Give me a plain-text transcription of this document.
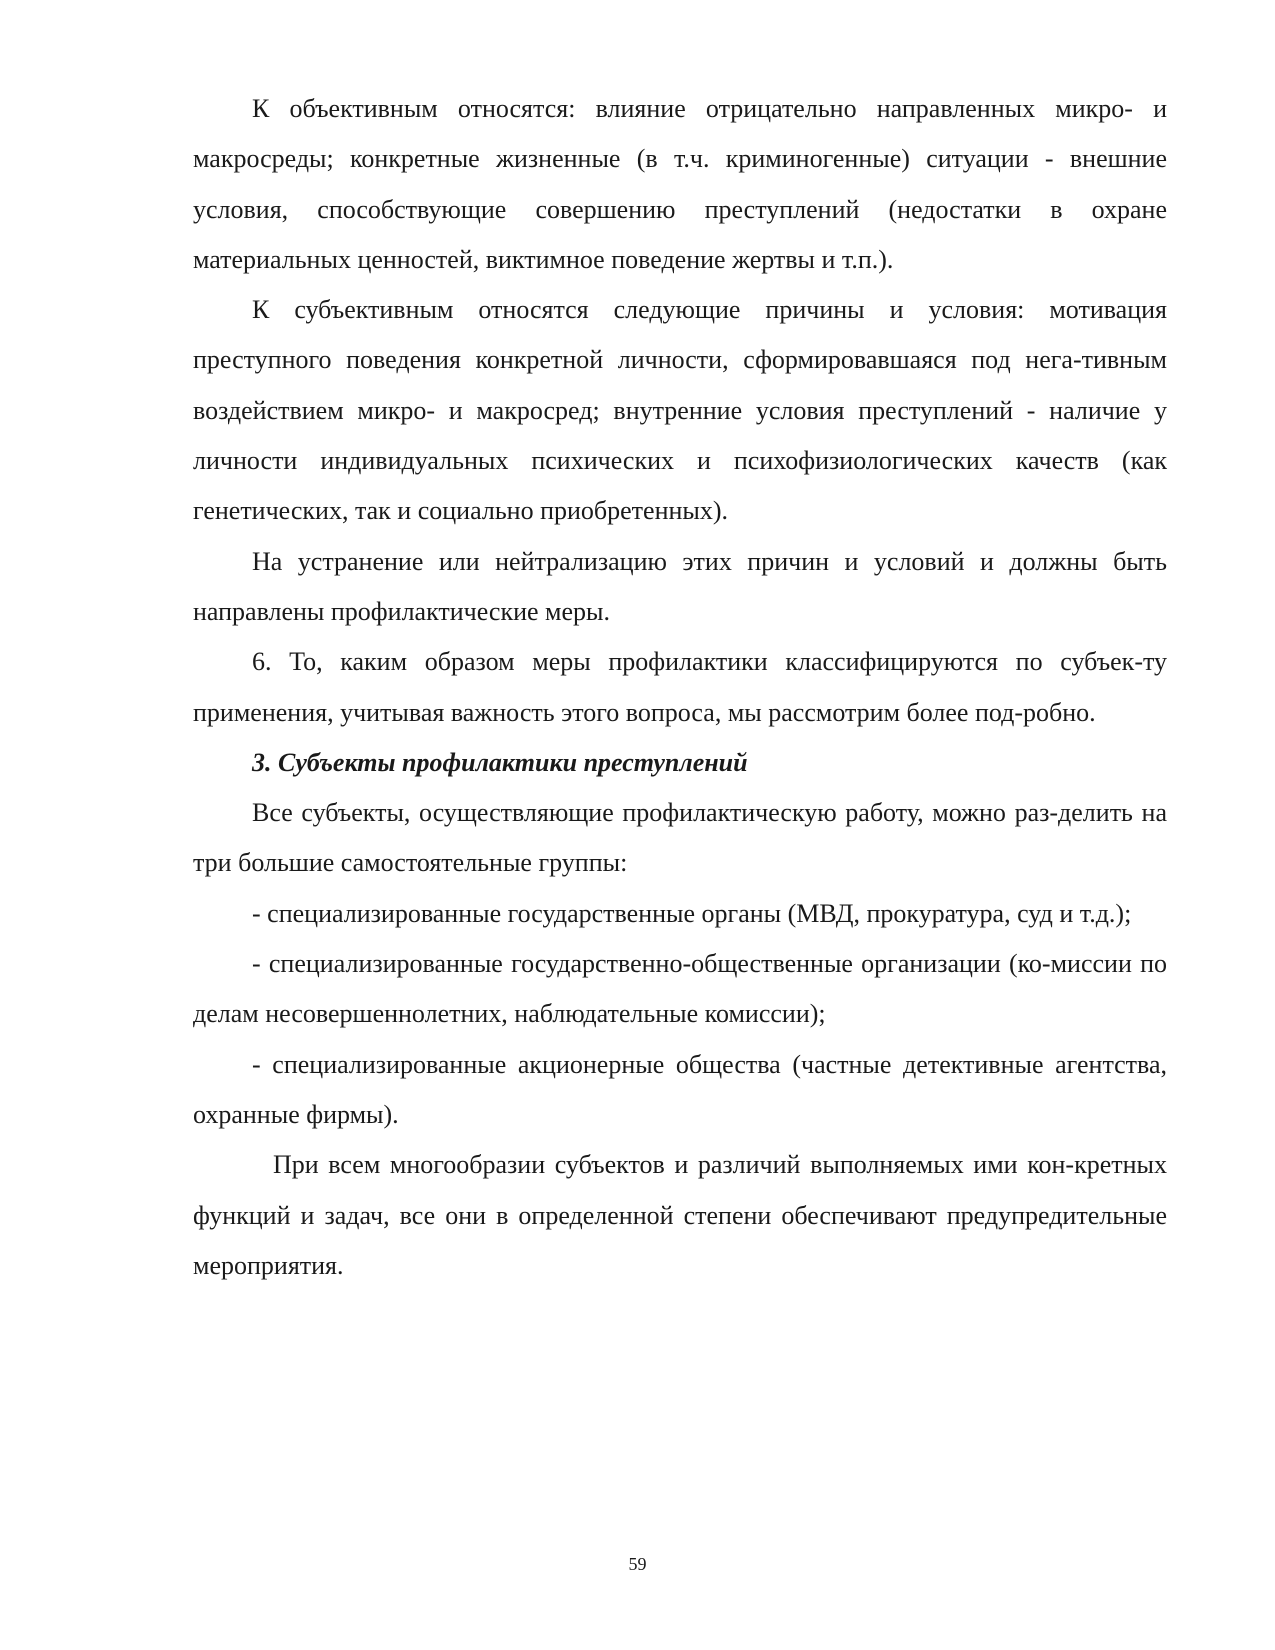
К объективным относятся: влияние отрицательно направленных микро- и макросреды; конкретные жизненные (в т.ч. криминогенные) ситуации - внешние условия, способствующие совершению преступлений (недостатки в охране материальных ценностей, виктимное поведение жертвы и т.п.).

К субъективным относятся следующие причины и условия: мотивация преступного поведения конкретной личности, сформировавшаяся под нега-тивным воздействием микро- и макросред; внутренние условия преступлений - наличие у личности индивидуальных психических и психофизиологических качеств (как генетических, так и социально приобретенных).

На устранение или нейтрализацию этих причин и условий и должны быть направлены профилактические меры.

6. То, каким образом меры профилактики классифицируются по субъек-ту применения, учитывая важность этого вопроса, мы рассмотрим более под-робно.

3. Субъекты профилактики преступлений

Все субъекты, осуществляющие профилактическую работу, можно раз-делить на три большие самостоятельные группы:

- специализированные государственные органы (МВД, прокуратура, суд и т.д.);

- специализированные государственно-общественные организации (ко-миссии по делам несовершеннолетних, наблюдательные комиссии);

- специализированные акционерные общества (частные детективные агентства, охранные фирмы).

При всем многообразии субъектов и различий выполняемых ими кон-кретных функций и задач, все они в определенной степени обеспечивают предупредительные мероприятия.

59
